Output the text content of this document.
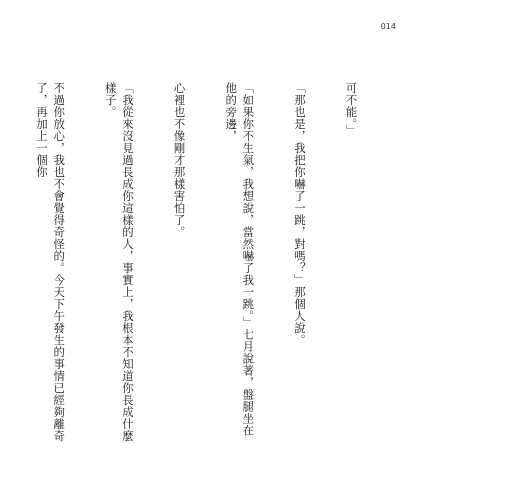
014

可不能。」

「那也是，我把你嚇了一跳，對嗎？」那個人說。

「如果你不生氣，我想說，當然嚇了我一跳。」七月說著，盤腿坐在他的旁邊，

心裡也不像剛才那樣害怕了。

「我從來沒見過長成你這樣的人，事實上，我根本不知道你長成什麼樣子。

不過你放心，我也不會覺得奇怪的。今天下午發生的事情已經夠離奇了，再加上一個你
